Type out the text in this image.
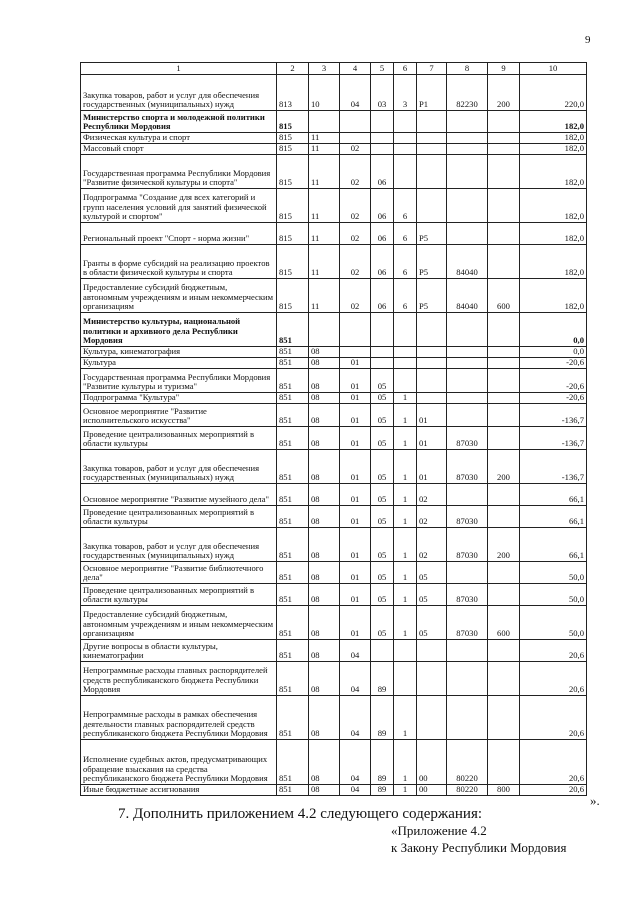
9
1	2	3	4	5	6	7	8	9	10
Закупка товаров, работ и услуг для обеспечения государственных (муниципальных) нужд	813	10	04	03	3	Р1	82230	200	220,0
Министерство спорта и молодежной политики Республики Мордовия	815								182,0
Физическая культура и спорт	815	11							182,0
Массовый спорт	815	11	02						182,0
Государственная программа Республики Мордовия "Развитие физической культуры и спорта"	815	11	02	06					182,0
Подпрограмма "Создание для всех категорий и групп населения условий для занятий физической культурой и спортом"	815	11	02	06	6				182,0
Региональный проект "Спорт - норма жизни"	815	11	02	06	6	Р5			182,0
Гранты в форме субсидий на реализацию проектов в области физической культуры и спорта	815	11	02	06	6	Р5	84040		182,0
Предоставление субсидий бюджетным, автономным учреждениям и иным некоммерческим организациям	815	11	02	06	6	Р5	84040	600	182,0
Министерство культуры, национальной политики и архивного дела Республики Мордовия	851								0,0
Культура, кинематография	851	08							0,0
Культура	851	08	01						-20,6
Государственная программа Республики Мордовия "Развитие культуры и туризма"	851	08	01	05					-20,6
Подпрограмма "Культура"	851	08	01	05	1				-20,6
Основное мероприятие "Развитие исполнительского искусства"	851	08	01	05	1	01			-136,7
Проведение централизованных мероприятий в области культуры	851	08	01	05	1	01	87030		-136,7
Закупка товаров, работ и услуг для обеспечения государственных (муниципальных) нужд	851	08	01	05	1	01	87030	200	-136,7
Основное мероприятие "Развитие музейного дела"	851	08	01	05	1	02			66,1
Проведение централизованных мероприятий в области культуры	851	08	01	05	1	02	87030		66,1
Закупка товаров, работ и услуг для обеспечения государственных (муниципальных) нужд	851	08	01	05	1	02	87030	200	66,1
Основное мероприятие "Развитие библиотечного дела"	851	08	01	05	1	05			50,0
Проведение централизованных мероприятий в области культуры	851	08	01	05	1	05	87030		50,0
Предоставление субсидий бюджетным, автономным учреждениям и иным некоммерческим организациям	851	08	01	05	1	05	87030	600	50,0
Другие вопросы в области культуры, кинематографии	851	08	04						20,6
Непрограммные расходы главных распорядителей средств республиканского бюджета Республики Мордовия	851	08	04	89					20,6
Непрограммные расходы в рамках обеспечения деятельности главных распорядителей средств республиканского бюджета Республики Мордовия	851	08	04	89	1				20,6
Исполнение судебных актов, предусматривающих обращение взыскания на средства республиканского бюджета Республики Мордовия	851	08	04	89	1	00	80220		20,6
Иные бюджетные ассигнования	851	08	04	89	1	00	80220	800	20,6
».
7. Дополнить приложением 4.2 следующего содержания:
«Приложение 4.2
к Закону Республики Мордовия
